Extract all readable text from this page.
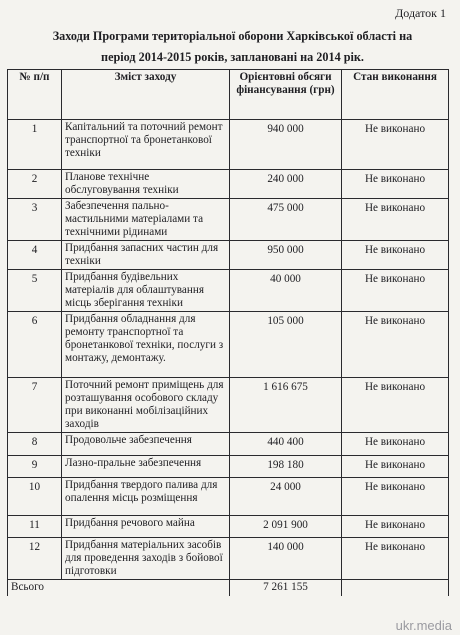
Додаток 1
Заходи Програми територіальної оборони Харківської області на
період 2014-2015 років, заплановані на 2014 рік.
№ п/п	Зміст заходу	Орієнтовні обсяги фінансування (грн)	Стан виконання
1	Капітальний та поточний ремонт транспортної та бронетанкової техніки	940 000	Не виконано
2	Планове технічне обслуговування техніки	240 000	Не виконано
3	Забезпечення пально-мастильними матеріалами та технічними рідинами	475 000	Не виконано
4	Придбання запасних частин для техніки	950 000	Не виконано
5	Придбання будівельних матеріалів для облаштування місць зберігання техніки	40 000	Не виконано
6	Придбання обладнання для ремонту транспортної та бронетанкової техніки, послуги з монтажу, демонтажу.	105 000	Не виконано
7	Поточний ремонт приміщень для розташування особового складу при виконанні мобілізаційних заходів	1 616 675	Не виконано
8	Продовольче забезпечення	440 400	Не виконано
9	Лазно-пральне забезпечення	198 180	Не виконано
10	Придбання твердого палива для опалення місць розміщення	24 000	Не виконано
11	Придбання речового майна	2 091 900	Не виконано
12	Придбання матеріальних засобів для проведення заходів з бойової підготовки	140 000	Не виконано
Всього		7 261 155	
ukr.media
